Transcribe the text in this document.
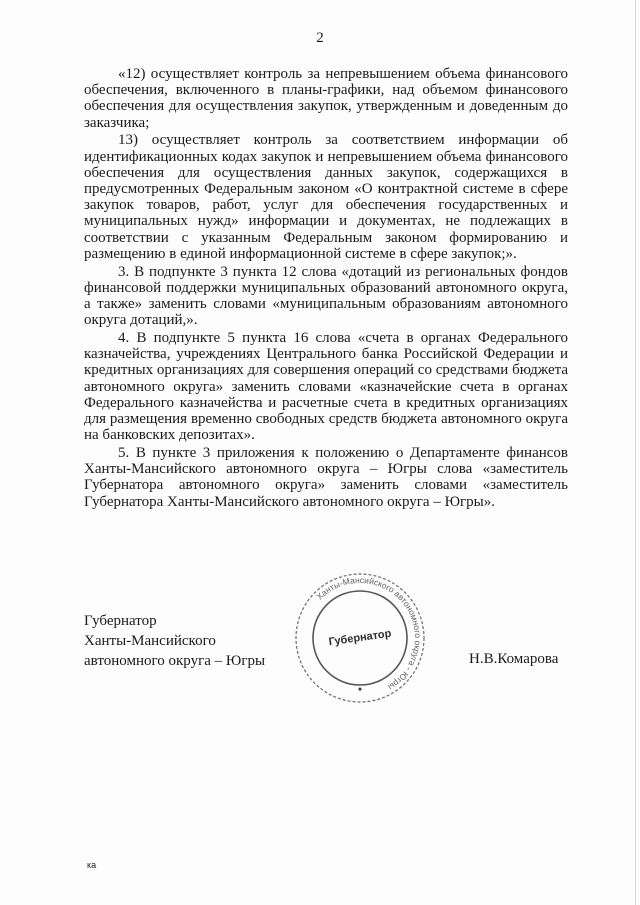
2

«12) осуществляет контроль за непревышением объема финансового обеспечения, включенного в планы-графики, над объемом финансового обеспечения для осуществления закупок, утвержденным и доведенным до заказчика;

13) осуществляет контроль за соответствием информации об идентификационных кодах закупок и непревышением объема финансового обеспечения для осуществления данных закупок, содержащихся в предусмотренных Федеральным законом «О контрактной системе в сфере закупок товаров, работ, услуг для обеспечения государственных и муниципальных нужд» информации и документах, не подлежащих в соответствии с указанным Федеральным законом формированию и размещению в единой информационной системе в сфере закупок;».

3. В подпункте 3 пункта 12 слова «дотаций из региональных фондов финансовой поддержки муниципальных образований автономного округа, а также» заменить словами «муниципальным образованиям автономного округа дотаций,».

4. В подпункте 5 пункта 16 слова «счета в органах Федерального казначейства, учреждениях Центрального банка Российской Федерации и кредитных организациях для совершения операций со средствами бюджета автономного округа» заменить словами «казначейские счета в органах Федерального казначейства и расчетные счета в кредитных организациях для размещения временно свободных средств бюджета автономного округа на банковских депозитах».

5. В пункте 3 приложения к положению о Департаменте финансов Ханты-Мансийского автономного округа – Югры слова «заместитель Губернатора автономного округа» заменить словами «заместитель Губернатора Ханты-Мансийского автономного округа – Югры».

Губернатор
Ханты-Мансийского
автономного округа – Югры
Ханты-Мансийского автономного округа - Югры
Губернатор
✦
Н.В.Комарова
ка
